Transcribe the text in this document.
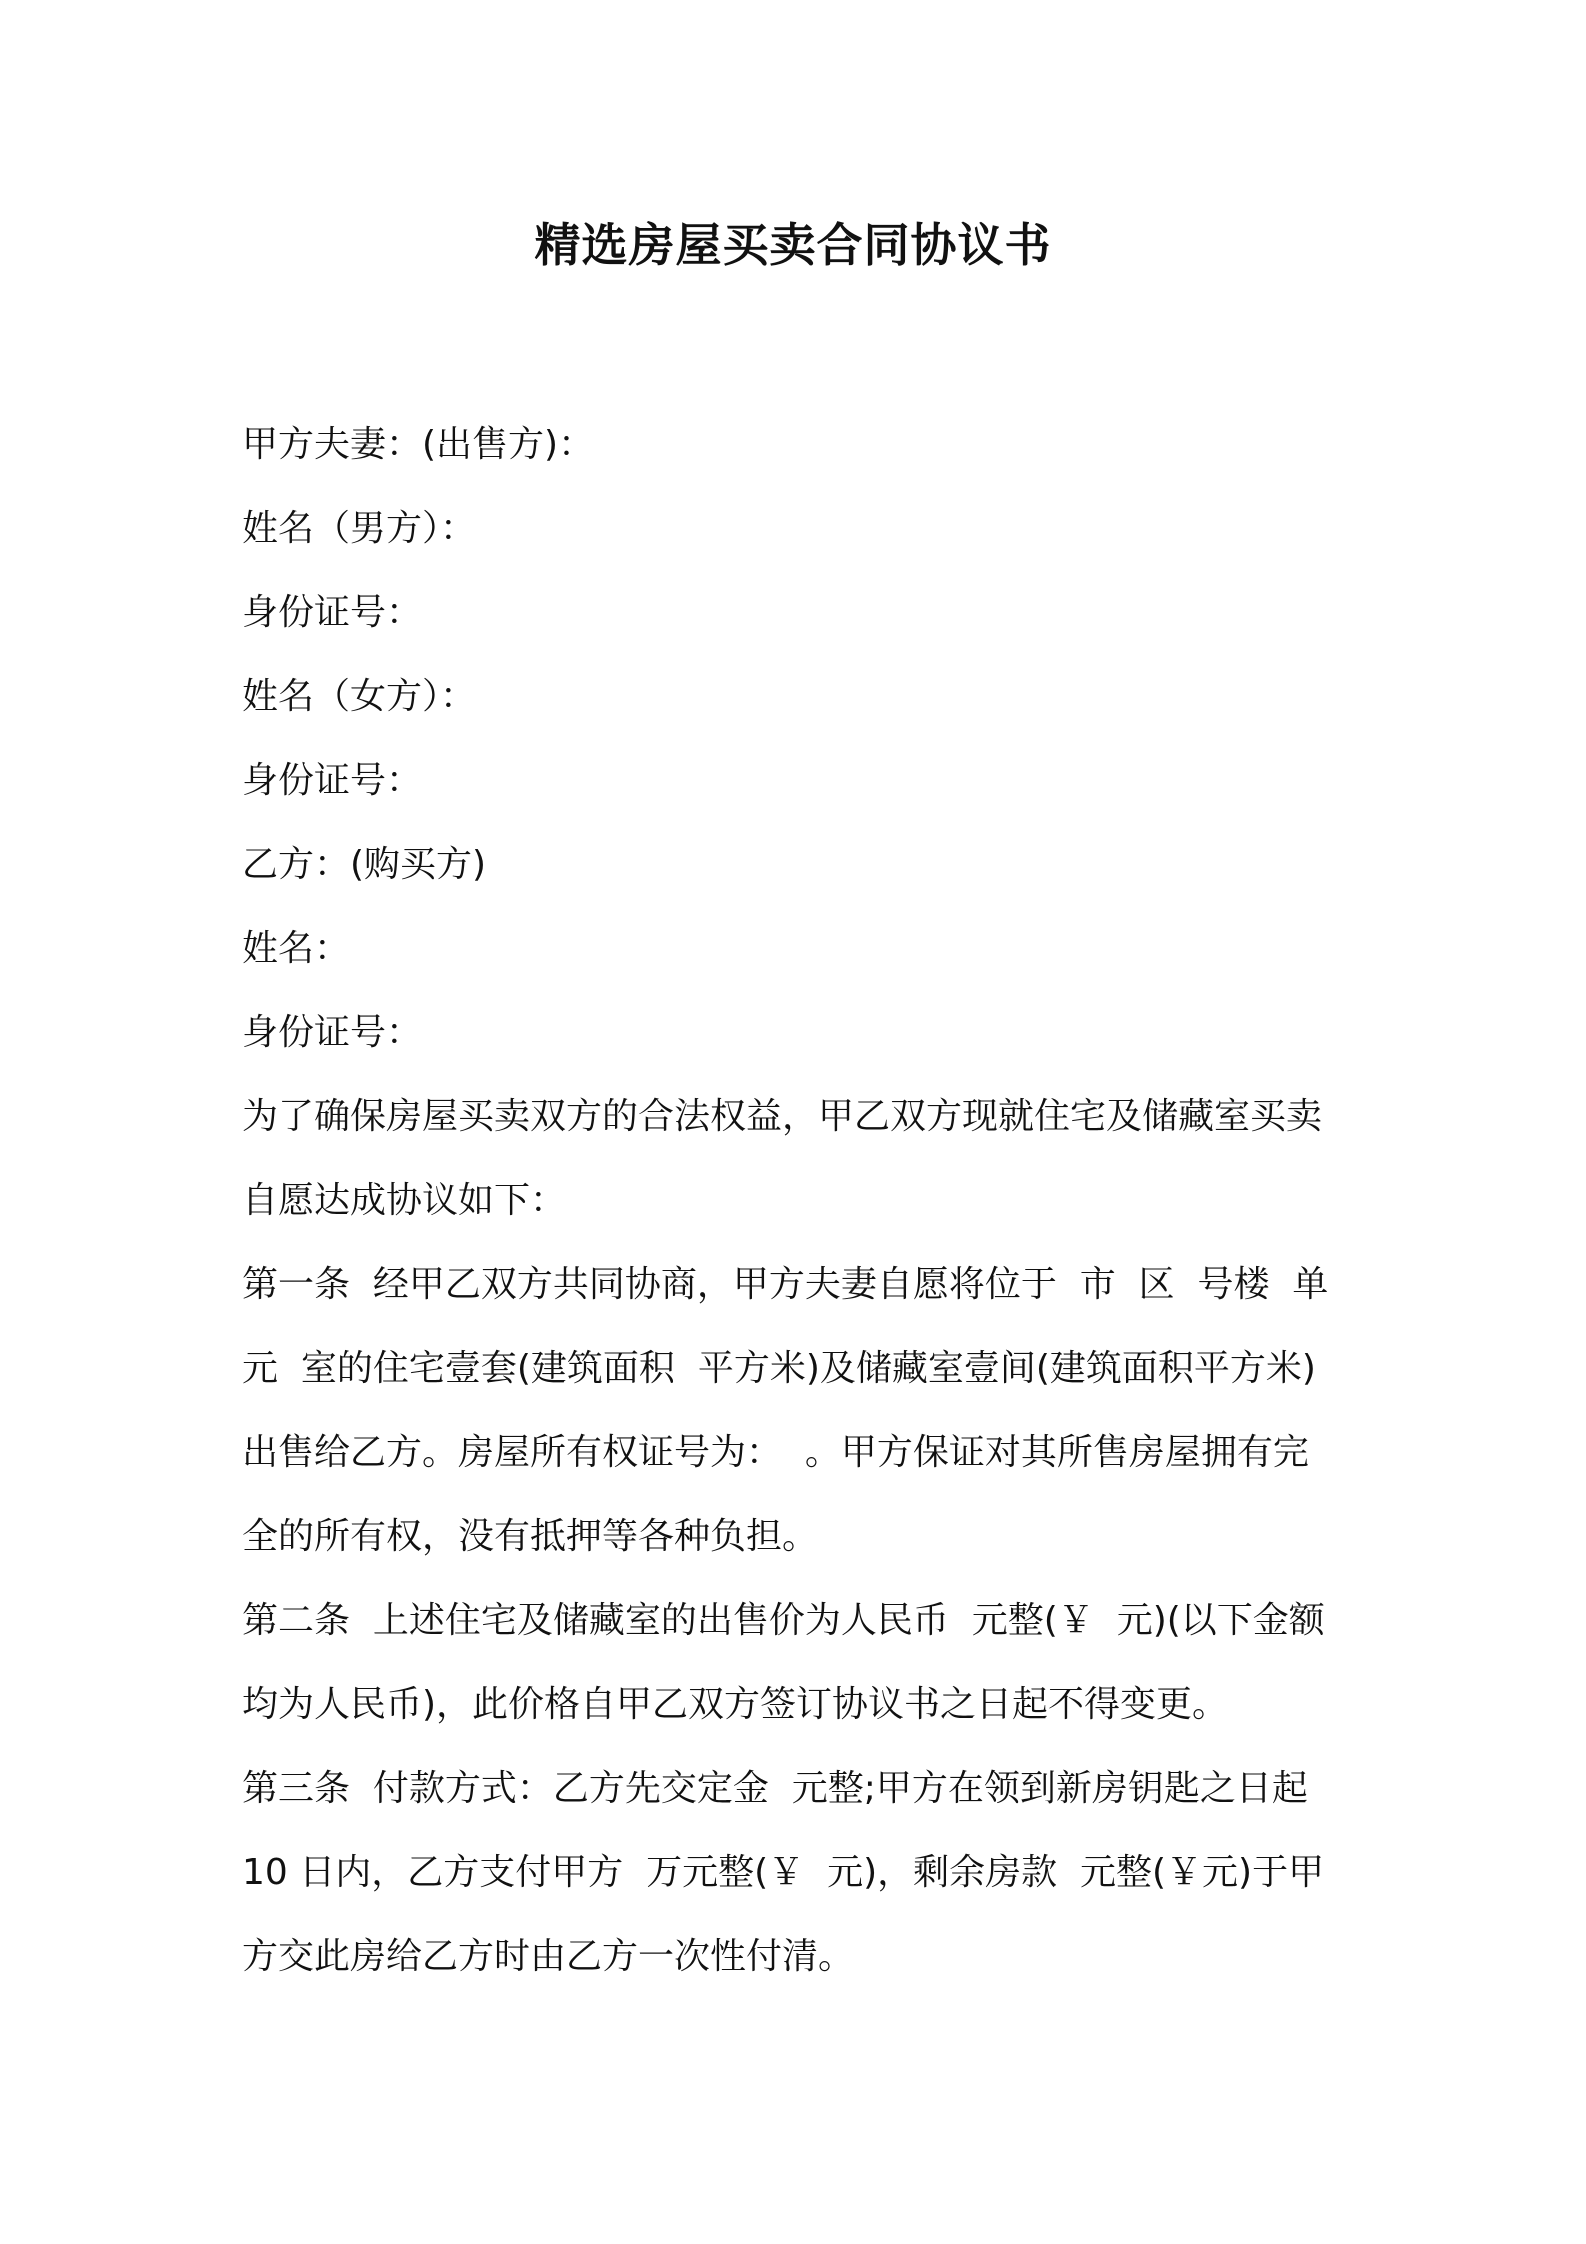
精选房屋买卖合同协议书
甲方夫妻：(出售方)：
姓名（男方）：
身份证号：
姓名（女方）：
身份证号：
乙方：(购买方)
姓名：
身份证号：
为了确保房屋买卖双方的合法权益，甲乙双方现就住宅及储藏室买卖
自愿达成协议如下：
第一条  经甲乙双方共同协商，甲方夫妻自愿将位于  市  区  号楼  单
元  室的住宅壹套(建筑面积  平方米)及储藏室壹间(建筑面积平方米)
出售给乙方。房屋所有权证号为：  。甲方保证对其所售房屋拥有完
全的所有权，没有抵押等各种负担。
第二条  上述住宅及储藏室的出售价为人民币  元整(￥  元)(以下金额
均为人民币)，此价格自甲乙双方签订协议书之日起不得变更。
第三条  付款方式：乙方先交定金  元整;甲方在领到新房钥匙之日起
10 日内，乙方支付甲方  万元整(￥  元)，剩余房款  元整(￥元)于甲
方交此房给乙方时由乙方一次性付清。
